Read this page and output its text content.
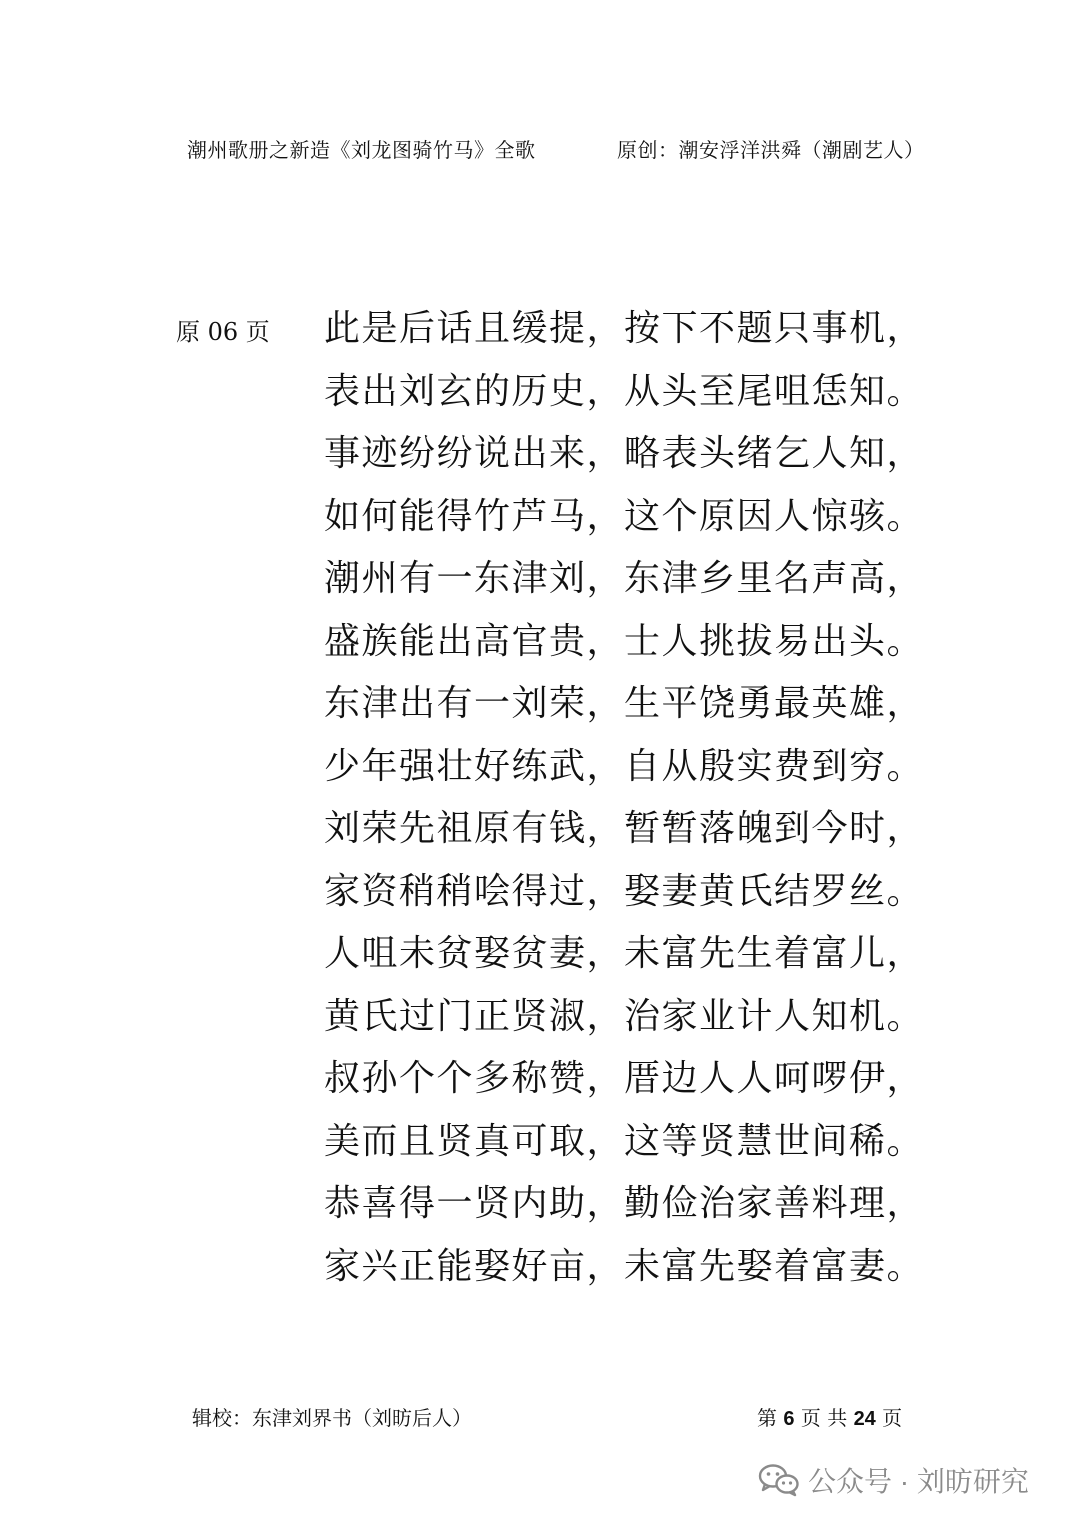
潮州歌册之新造《刘龙图骑竹马》全歌	原创：潮安浮洋洪舜（潮剧艺人）
原 06 页 此是后话且缓提，按下不题只事机，
表出刘玄的历史，从头至尾咀恁知。
事迹纷纷说出来，略表头绪乞人知，
如何能得竹芦马，这个原因人惊骇。
潮州有一东津刘，东津乡里名声高，
盛族能出高官贵，士人挑拔易出头。
东津出有一刘荣，生平饶勇最英雄，
少年强壮好练武，自从殷实费到穷。
刘荣先祖原有钱，暂暂落魄到今时，
家资稍稍哙得过，娶妻黄氏结罗丝。
人咀未贫娶贫妻，未富先生着富儿，
黄氏过门正贤淑，治家业计人知机。
叔孙个个多称赞，厝边人人呵啰伊，
美而且贤真可取，这等贤慧世间稀。
恭喜得一贤内助，勤俭治家善料理，
家兴正能娶好亩，未富先娶着富妻。
辑校：东津刘界书（刘昉后人）	第 6 页 共 24 页
公众号 · 刘昉研究
